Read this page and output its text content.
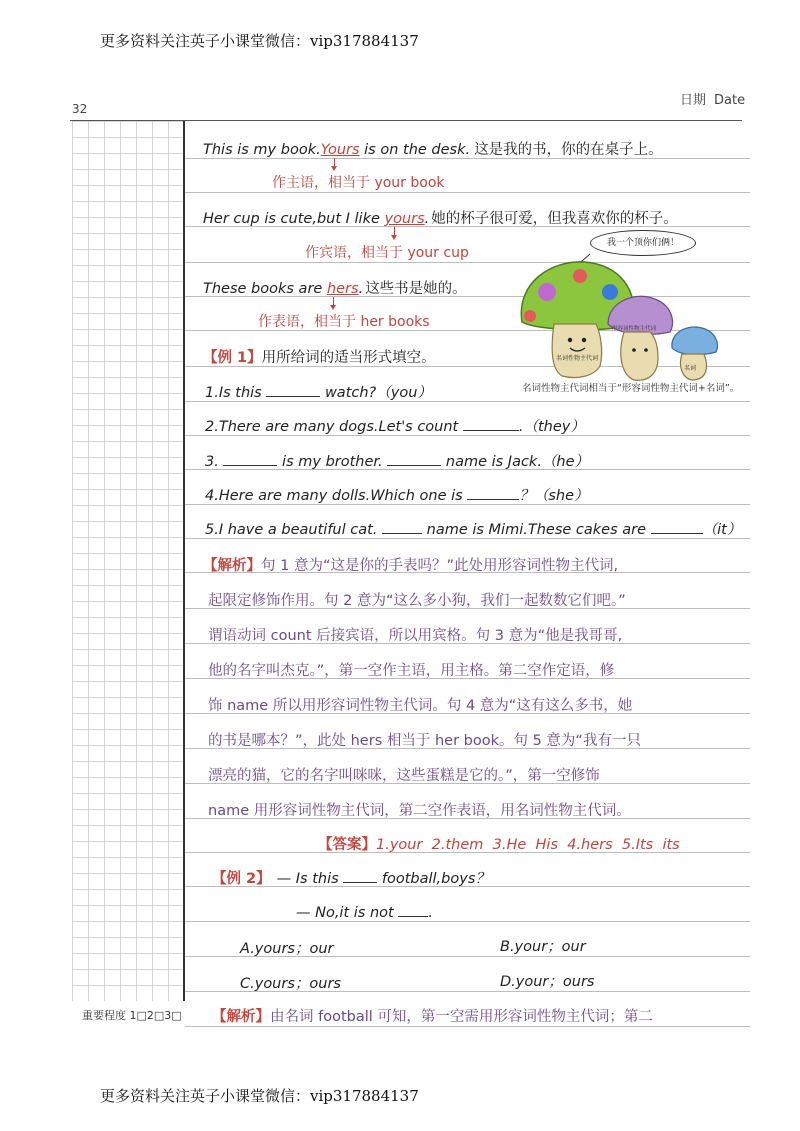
更多资料关注英子小课堂微信：vip317884137
32
日期 Date
重要程度 1□2□3□
This is my book.Yours is on the desk. 这是我的书，你的在桌子上。
作主语，相当于 your book
Her cup is cute,but I like yours. 她的杯子很可爱，但我喜欢你的杯子。
作宾语，相当于 your cup
These books are hers. 这些书是她的。
作表语，相当于 her books
我一个顶你们俩！
名词性物主代词
形容词性物主代词
名词
名词性物主代词相当于“形容词性物主代词+名词”。
【例 1】用所给词的适当形式填空。
1.Is this	watch?（you）
2.There are many dogs.Let's count	.（they）
3.	is my brother.	name is Jack.（he）
4.Here are many dolls.Which one is	？（she）
5.I have a beautiful cat.	name is Mimi.These cakes are	（it）
【解析】句 1 意为“这是你的手表吗？”此处用形容词性物主代词,
起限定修饰作用。句 2 意为“这么多小狗，我们一起数数它们吧。”
谓语动词 count 后接宾语，所以用宾格。句 3 意为“他是我哥哥,
他的名字叫杰克。”，第一空作主语，用主格。第二空作定语，修
饰 name 所以用形容词性物主代词。句 4 意为“这有这么多书，她
的书是哪本？”，此处 hers 相当于 her book。句 5 意为“我有一只
漂亮的猫，它的名字叫咪咪，这些蛋糕是它的。”，第一空修饰
name 用形容词性物主代词，第二空作表语，用名词性物主代词。
【答案】1.your  2.them  3.He  His  4.hers  5.Its  its
【例 2】 — Is this  football,boys？
— No,it is not .
A.yours；our	B.your；our
C.yours；ours	D.your；ours
【解析】由名词 football 可知，第一空需用形容词性物主代词；第二
更多资料关注英子小课堂微信：vip317884137
